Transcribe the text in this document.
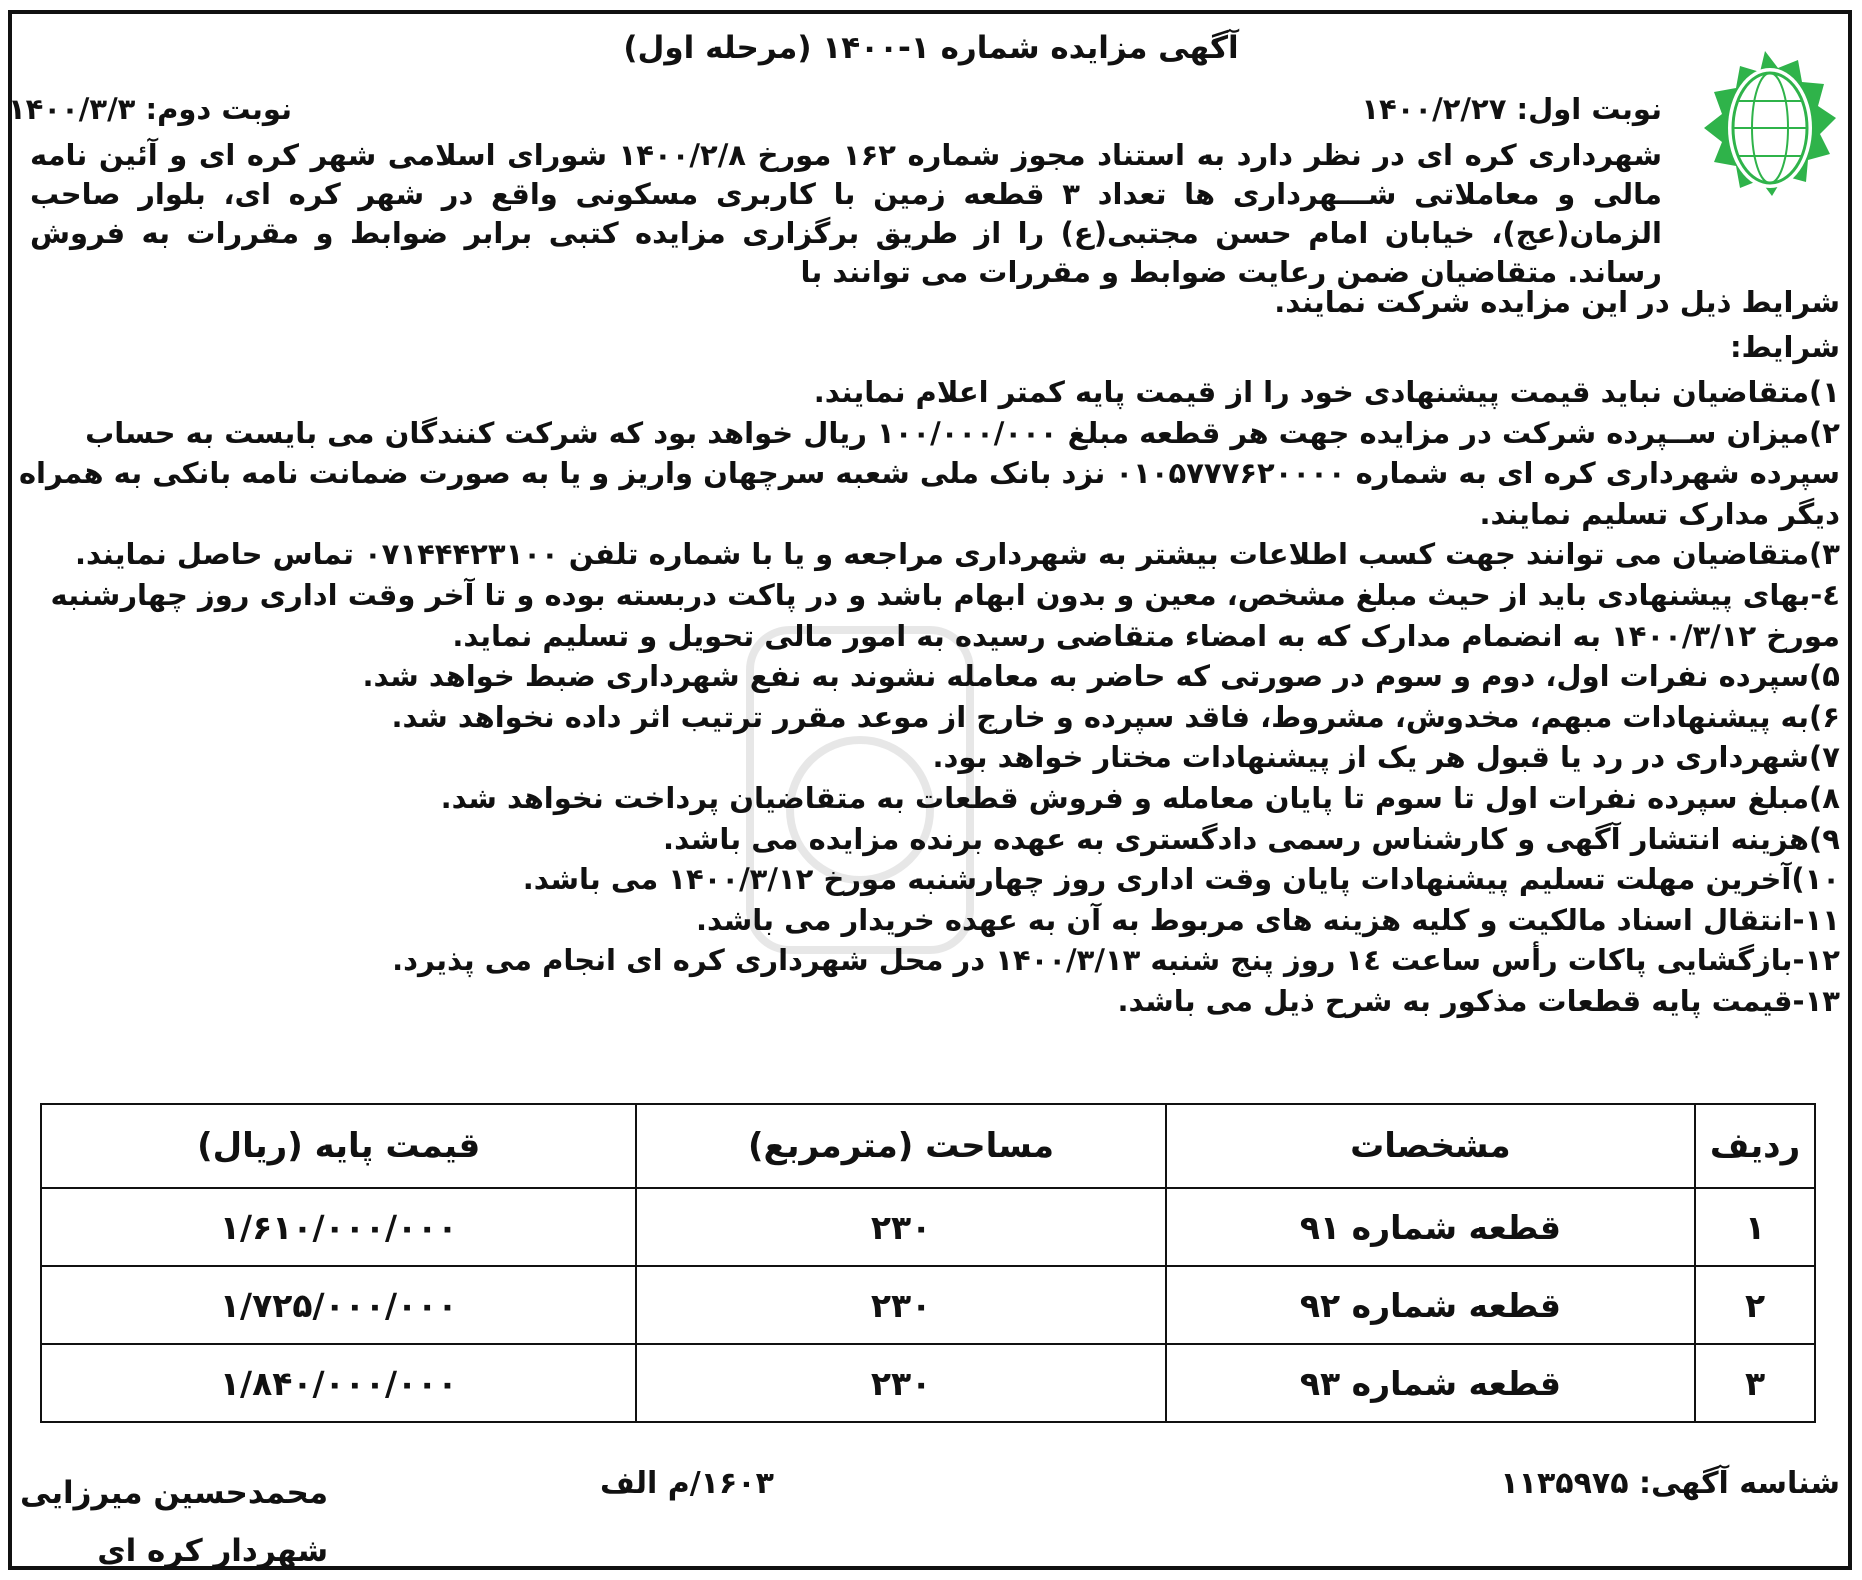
آگهی مزایده شماره ۱-۱۴۰۰ (مرحله اول)
نوبت اول: ۱۴۰۰/۲/۲۷
نوبت دوم: ۱۴۰۰/۳/۳
شهرداری کره ای در نظر دارد به استناد مجوز شماره ۱۶۲ مورخ ۱۴۰۰/۲/۸ شورای اسلامی شهر کره ای و آئین نامه مالی و معاملاتی شـــهرداری ها تعداد ۳ قطعه زمین با کاربری مسکونی واقع در شهر کره ای، بلوار صاحب الزمان(عج)، خیابان امام حسن مجتبی(ع) را از طریق برگزاری مزایده کتبی برابر ضوابط و مقررات به فروش رساند. متقاضیان ضمن رعایت ضوابط و مقررات می توانند با
شرایط ذیل در این مزایده شرکت نمایند.
شرایط:
۱)متقاضیان نباید قیمت پیشنهادی خود را از قیمت پایه کمتر اعلام نمایند.
۲)میزان ســپرده شرکت در مزایده جهت هر قطعه مبلغ ۱۰۰/۰۰۰/۰۰۰ ریال خواهد بود که شرکت کنندگان می بایست به حساب سپرده شهرداری کره ای به شماره ۰۱۰۵۷۷۷۶۲۰۰۰۰ نزد بانک ملی شعبه سرچهان واریز و یا به صورت ضمانت نامه بانکی به همراه دیگر مدارک تسلیم نمایند.
۳)متقاضیان می توانند جهت کسب اطلاعات بیشتر به شهرداری مراجعه و یا با شماره تلفن ۰۷۱۴۴۴۲۳۱۰۰ تماس حاصل نمایند.
٤-بهای پیشنهادی باید از حیث مبلغ مشخص، معین و بدون ابهام باشد و در پاکت دربسته بوده و تا آخر وقت اداری روز چهارشنبه مورخ ۱۴۰۰/۳/۱۲ به انضمام مدارک که به امضاء متقاضی رسیده به امور مالی تحویل و تسلیم نماید.
۵)سپرده نفرات اول، دوم و سوم در صورتی که حاضر به معامله نشوند به نفع شهرداری ضبط خواهد شد.
۶)به پیشنهادات مبهم، مخدوش، مشروط، فاقد سپرده و خارج از موعد مقرر ترتیب اثر داده نخواهد شد.
۷)شهرداری در رد یا قبول هر یک از پیشنهادات مختار خواهد بود.
۸)مبلغ سپرده نفرات اول تا سوم تا پایان معامله و فروش قطعات به متقاضیان پرداخت نخواهد شد.
۹)هزینه انتشار آگهی و کارشناس رسمی دادگستری به عهده برنده مزایده می باشد.
۱۰)آخرین مهلت تسلیم پیشنهادات پایان وقت اداری روز چهارشنبه مورخ ۱۴۰۰/۳/۱۲ می باشد.
۱۱-انتقال اسناد مالکیت و کلیه هزینه های مربوط به آن به عهده خریدار می باشد.
۱۲-بازگشایی پاکات رأس ساعت ١٤ روز پنج شنبه ۱۴۰۰/۳/۱۳ در محل شهرداری کره ای انجام می پذیرد.
۱۳-قیمت پایه قطعات مذکور به شرح ذیل می باشد.
ردیف	مشخصات	مساحت (مترمربع)	قیمت پایه (ریال)
۱	قطعه شماره ۹۱	۲۳۰	۱/۶۱۰/۰۰۰/۰۰۰
۲	قطعه شماره ۹۲	۲۳۰	۱/۷۲۵/۰۰۰/۰۰۰
۳	قطعه شماره ۹۳	۲۳۰	۱/۸۴۰/۰۰۰/۰۰۰
شناسه آگهی: ۱۱۳۵۹۷۵
۱۶۰۳/م الف
محمدحسین میرزایی
شهردار کره ای
